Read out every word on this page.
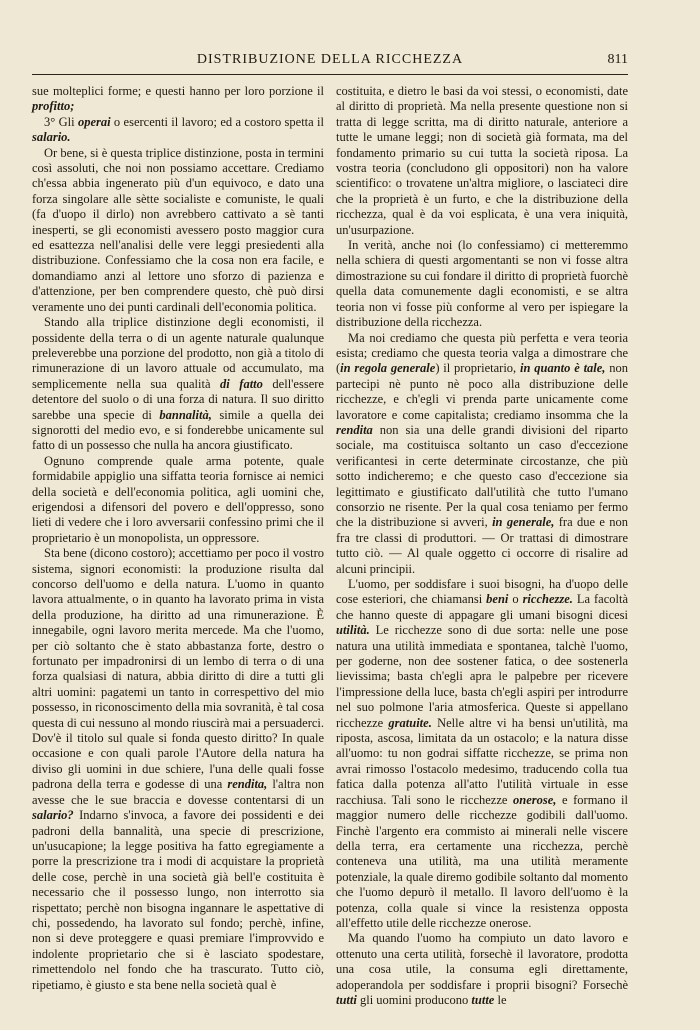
DISTRIBUZIONE DELLA RICCHEZZA	811

sue molteplici forme; e questi hanno per loro porzione il profitto;

3° Gli operai o esercenti il lavoro; ed a costoro spetta il salario.

Or bene, si è questa triplice distinzione, posta in termini così assoluti, che noi non possiamo accettare. Crediamo ch'essa abbia ingenerato più d'un equivoco, e dato una forza singolare alle sètte socialiste e comuniste, le quali (fa d'uopo il dirlo) non avrebbero cattivato a sè tanti inesperti, se gli economisti avessero posto maggior cura ed esattezza nell'analisi delle vere leggi presiedenti alla distribuzione. Confessiamo che la cosa non era facile, e domandiamo anzi al lettore uno sforzo di pazienza e d'attenzione, per ben comprendere questo, chè può dirsi veramente uno dei punti cardinali dell'economia politica.

Stando alla triplice distinzione degli economisti, il possidente della terra o di un agente naturale qualunque preleverebbe una porzione del prodotto, non già a titolo di rimunerazione di un lavoro attuale od accumulato, ma semplicemente nella sua qualità di fatto dell'essere detentore del suolo o di una forza di natura. Il suo diritto sarebbe una specie di bannalità, simile a quella dei signorotti del medio evo, e si fonderebbe unicamente sul fatto di un possesso che nulla ha ancora giustificato.

Ognuno comprende quale arma potente, quale formidabile appiglio una siffatta teoria fornisce ai nemici della società e dell'economia politica, agli uomini che, erigendosi a difensori del povero e dell'oppresso, sono lieti di vedere che i loro avversarii confessino primi che il proprietario è un monopolista, un oppressore.

Sta bene (dicono costoro); accettiamo per poco il vostro sistema, signori economisti: la produzione risulta dal concorso dell'uomo e della natura. L'uomo in quanto lavora attualmente, o in quanto ha lavorato prima in vista della produzione, ha diritto ad una rimunerazione. È innegabile, ogni lavoro merita mercede. Ma che l'uomo, per ciò soltanto che è stato abbastanza forte, destro o fortunato per impadronirsi di un lembo di terra o di una forza qualsiasi di natura, abbia diritto di dire a tutti gli altri uomini: pagatemi un tanto in correspettivo del mio possesso, in riconoscimento della mia sovranità, è tal cosa questa di cui nessuno al mondo riuscirà mai a persuaderci. Dov'è il titolo sul quale si fonda questo diritto? In quale occasione e con quali parole l'Autore della natura ha diviso gli uomini in due schiere, l'una delle quali fosse padrona della terra e godesse di una rendita, l'altra non avesse che le sue braccia e dovesse contentarsi di un salario? Indarno s'invoca, a favore dei possidenti e dei padroni della bannalità, una specie di prescrizione, un'usucapione; la legge positiva ha fatto egregiamente a porre la prescrizione tra i modi di acquistare la proprietà delle cose, perchè in una società già bell'e costituita è necessario che il possesso lungo, non interrotto sia rispettato; perchè non bisogna ingannare le aspettative di chi, possedendo, ha lavorato sul fondo; perchè, infine, non si deve proteggere e quasi premiare l'improvvido e indolente proprietario che si è lasciato spodestare, rimettendolo nel fondo che ha trascurato. Tutto ciò, ripetiamo, è giusto e sta bene nella società qual è

costituita, e dietro le basi da voi stessi, o economisti, date al diritto di proprietà. Ma nella presente questione non si tratta di legge scritta, ma di diritto naturale, anteriore a tutte le umane leggi; non di società già formata, ma del fondamento primario su cui tutta la società riposa. La vostra teoria (concludono gli oppositori) non ha valore scientifico: o trovatene un'altra migliore, o lasciateci dire che la proprietà è un furto, e che la distribuzione della ricchezza, qual è da voi esplicata, è una vera iniquità, un'usurpazione.

In verità, anche noi (lo confessiamo) ci metteremmo nella schiera di questi argomentanti se non vi fosse altra dimostrazione su cui fondare il diritto di proprietà fuorchè quella data comunemente dagli economisti, e se altra teoria non vi fosse più conforme al vero per ispiegare la distribuzione della ricchezza.

Ma noi crediamo che questa più perfetta e vera teoria esista; crediamo che questa teoria valga a dimostrare che (in regola generale) il proprietario, in quanto è tale, non partecipi nè punto nè poco alla distribuzione delle ricchezze, e ch'egli vi prenda parte unicamente come lavoratore e come capitalista; crediamo insomma che la rendita non sia una delle grandi divisioni del riparto sociale, ma costituisca soltanto un caso d'eccezione verificantesi in certe determinate circostanze, che più sotto indicheremo; e che questo caso d'eccezione sia legittimato e giustificato dall'utilità che tutto l'umano consorzio ne risente. Per la qual cosa teniamo per fermo che la distribuzione si avveri, in generale, fra due e non fra tre classi di produttori. — Or trattasi di dimostrare tutto ciò. — Al quale oggetto ci occorre di risalire ad alcuni principii.

L'uomo, per soddisfare i suoi bisogni, ha d'uopo delle cose esteriori, che chiamansi beni o ricchezze. La facoltà che hanno queste di appagare gli umani bisogni dicesi utilità. Le ricchezze sono di due sorta: nelle une pose natura una utilità immediata e spontanea, talchè l'uomo, per goderne, non dee sostener fatica, o dee sostenerla lievissima; basta ch'egli apra le palpebre per ricevere l'impressione della luce, basta ch'egli aspiri per introdurre nel suo polmone l'aria atmosferica. Queste si appellano ricchezze gratuite. Nelle altre vi ha bensi un'utilità, ma riposta, ascosa, limitata da un ostacolo; e la natura disse all'uomo: tu non godrai siffatte ricchezze, se prima non avrai rimosso l'ostacolo medesimo, traducendo colla tua fatica dalla potenza all'atto l'utilità virtuale in esse racchiusa. Tali sono le ricchezze onerose, e formano il maggior numero delle ricchezze godibili dall'uomo. Finchè l'argento era commisto ai minerali nelle viscere della terra, era certamente una ricchezza, perchè conteneva una utilità, ma una utilità meramente potenziale, la quale diremo godibile soltanto dal momento che l'uomo depurò il metallo. Il lavoro dell'uomo è la potenza, colla quale si vince la resistenza opposta all'effetto utile delle ricchezze onerose.

Ma quando l'uomo ha compiuto un dato lavoro e ottenuto una certa utilità, forsechè il lavoratore, prodotta una cosa utile, la consuma egli direttamente, adoperandola per soddisfare i proprii bisogni? Forsechè tutti gli uomini producono tutte le
